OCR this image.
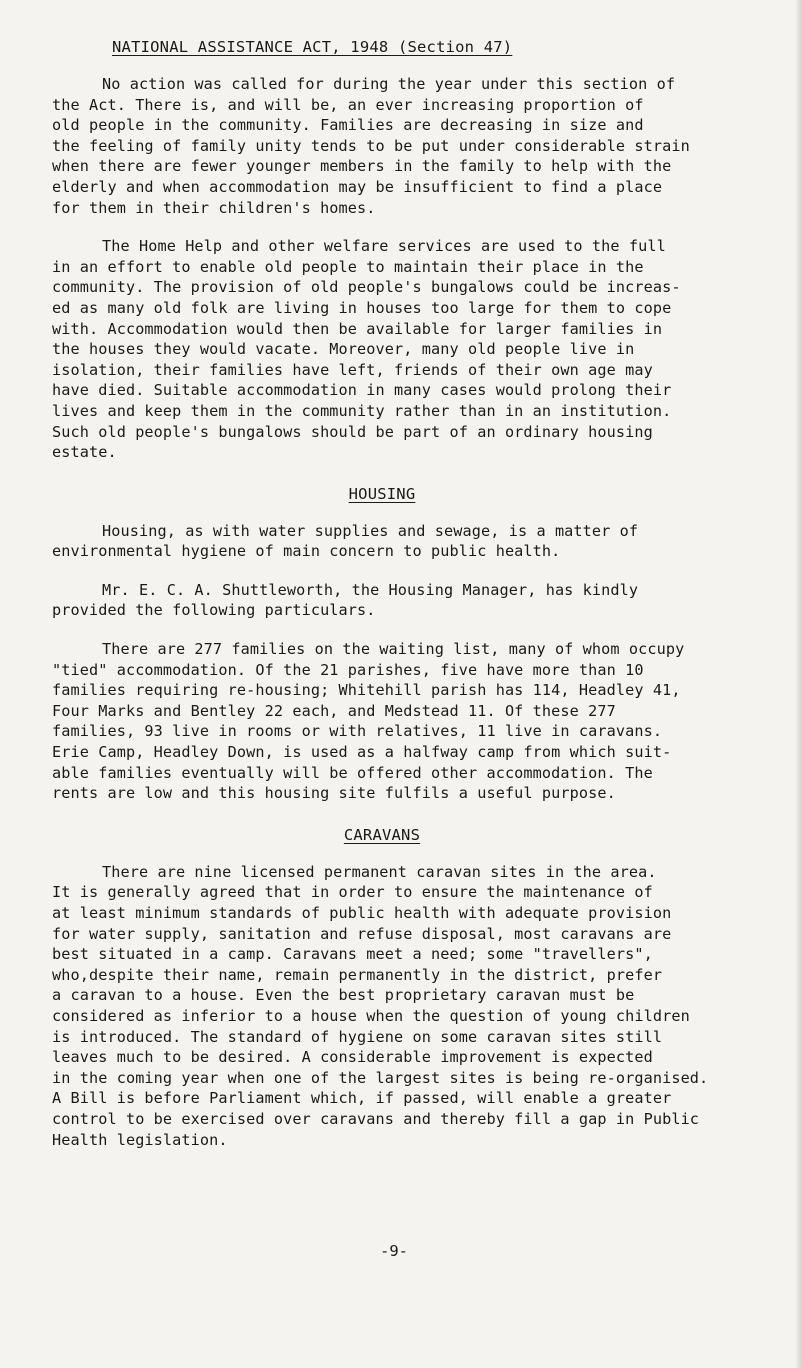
NATIONAL ASSISTANCE ACT, 1948 (Section 47)

No action was called for during the year under this section of
the Act. There is, and will be, an ever increasing proportion of
old people in the community. Families are decreasing in size and
the feeling of family unity tends to be put under considerable strain
when there are fewer younger members in the family to help with the
elderly and when accommodation may be insufficient to find a place
for them in their children's homes.

The Home Help and other welfare services are used to the full
in an effort to enable old people to maintain their place in the
community. The provision of old people's bungalows could be increas-
ed as many old folk are living in houses too large for them to cope
with. Accommodation would then be available for larger families in
the houses they would vacate. Moreover, many old people live in
isolation, their families have left, friends of their own age may
have died. Suitable accommodation in many cases would prolong their
lives and keep them in the community rather than in an institution.
Such old people's bungalows should be part of an ordinary housing
estate.

HOUSING

Housing, as with water supplies and sewage, is a matter of
environmental hygiene of main concern to public health.

Mr. E. C. A. Shuttleworth, the Housing Manager, has kindly
provided the following particulars.

There are 277 families on the waiting list, many of whom occupy
"tied" accommodation. Of the 21 parishes, five have more than 10
families requiring re-housing; Whitehill parish has 114, Headley 41,
Four Marks and Bentley 22 each, and Medstead 11. Of these 277
families, 93 live in rooms or with relatives, 11 live in caravans.
Erie Camp, Headley Down, is used as a halfway camp from which suit-
able families eventually will be offered other accommodation. The
rents are low and this housing site fulfils a useful purpose.

CARAVANS

There are nine licensed permanent caravan sites in the area.
It is generally agreed that in order to ensure the maintenance of
at least minimum standards of public health with adequate provision
for water supply, sanitation and refuse disposal, most caravans are
best situated in a camp. Caravans meet a need; some "travellers",
who,despite their name, remain permanently in the district, prefer
a caravan to a house. Even the best proprietary caravan must be
considered as inferior to a house when the question of young children
is introduced. The standard of hygiene on some caravan sites still
leaves much to be desired. A considerable improvement is expected
in the coming year when one of the largest sites is being re-organised.
A Bill is before Parliament which, if passed, will enable a greater
control to be exercised over caravans and thereby fill a gap in Public
Health legislation.

-9-
